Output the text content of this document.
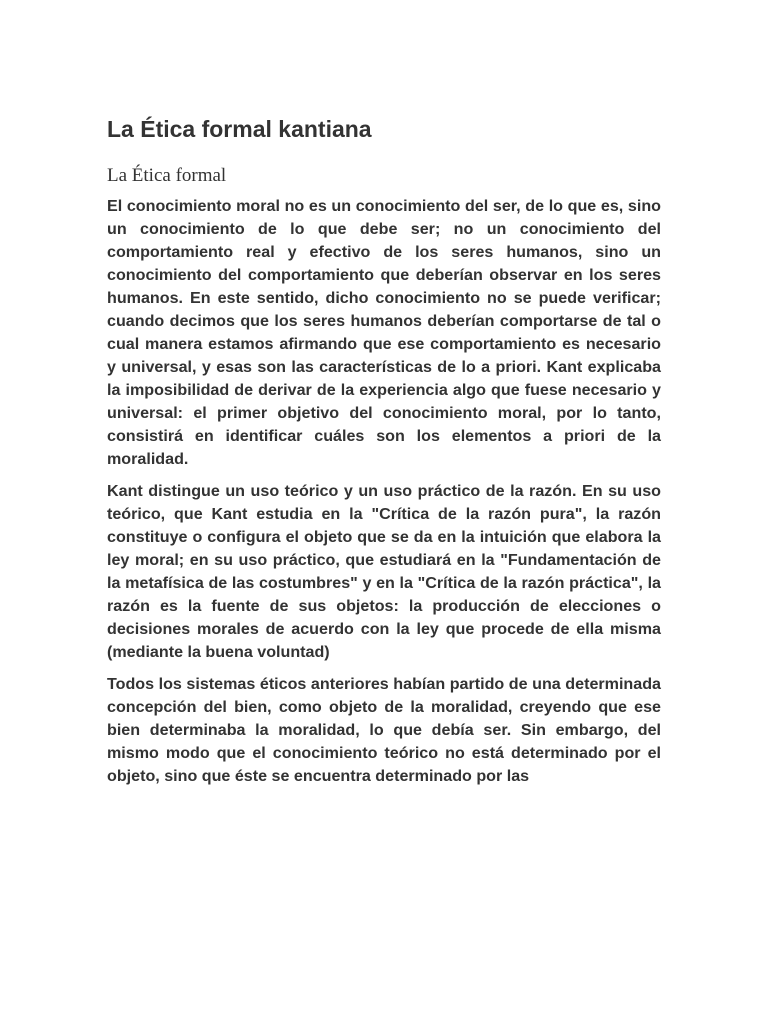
La Ética formal kantiana
La Ética formal

El conocimiento moral no es un conocimiento del ser, de lo que es, sino un conocimiento de lo que debe ser; no un conocimiento del comportamiento real y efectivo de los seres humanos, sino un conocimiento del comportamiento que deberían observar en los seres humanos. En este sentido, dicho conocimiento no se puede verificar; cuando decimos que los seres humanos deberían comportarse de tal o cual manera estamos afirmando que ese comportamiento es necesario y universal, y esas son las características de lo a priori. Kant explicaba la imposibilidad de derivar de la experiencia algo que fuese necesario y universal: el primer objetivo del conocimiento moral, por lo tanto, consistirá en identificar cuáles son los elementos a priori de la moralidad.

Kant distingue un uso teórico y un uso práctico de la razón. En su uso teórico, que Kant estudia en la "Crítica de la razón pura", la razón constituye o configura el objeto que se da en la intuición que elabora la ley moral; en su uso práctico, que estudiará en la "Fundamentación de la metafísica de las costumbres" y en la "Crítica de la razón práctica", la razón es la fuente de sus objetos: la producción de elecciones o decisiones morales de acuerdo con la ley que procede de ella misma (mediante la buena voluntad)

Todos los sistemas éticos anteriores habían partido de una determinada concepción del bien, como objeto de la moralidad, creyendo que ese bien determinaba la moralidad, lo que debía ser. Sin embargo, del mismo modo que el conocimiento teórico no está determinado por el objeto, sino que éste se encuentra determinado por las
